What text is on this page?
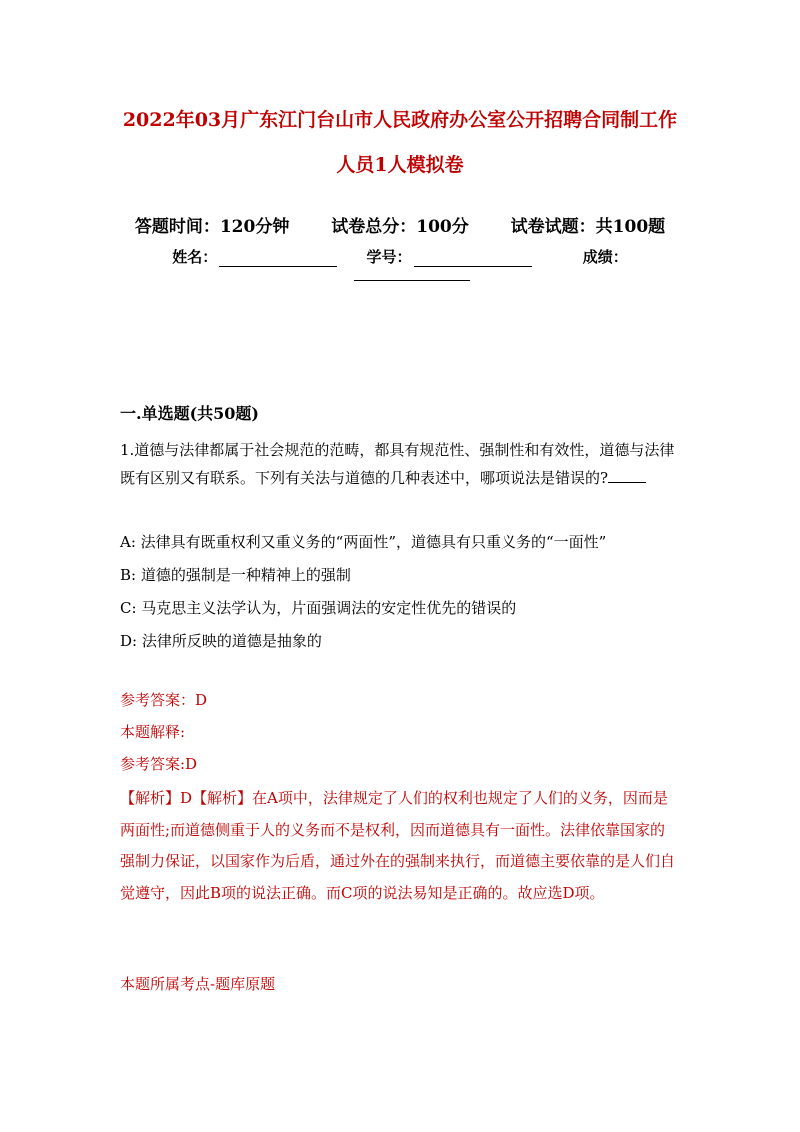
2022年03月广东江门台山市人民政府办公室公开招聘合同制工作
人员1人模拟卷
答题时间：120分钟 试卷总分：100分 试卷试题：共100题
姓名：	学号：	成绩：
一.单选题(共50题)
1.道德与法律都属于社会规范的范畴，都具有规范性、强制性和有效性，道德与法律既有区别又有联系。下列有关法与道德的几种表述中，哪项说法是错误的?
A: 法律具有既重权利又重义务的“两面性”，道德具有只重义务的“一面性”
B: 道德的强制是一种精神上的强制
C: 马克思主义法学认为，片面强调法的安定性优先的错误的
D: 法律所反映的道德是抽象的
参考答案：D
本题解释:
参考答案:D
【解析】D【解析】在A项中，法律规定了人们的权利也规定了人们的义务，因而是两面性;而道德侧重于人的义务而不是权利，因而道德具有一面性。法律依靠国家的强制力保证，以国家作为后盾，通过外在的强制来执行，而道德主要依靠的是人们自觉遵守，因此B项的说法正确。而C项的说法易知是正确的。故应选D项。
本题所属考点-题库原题
